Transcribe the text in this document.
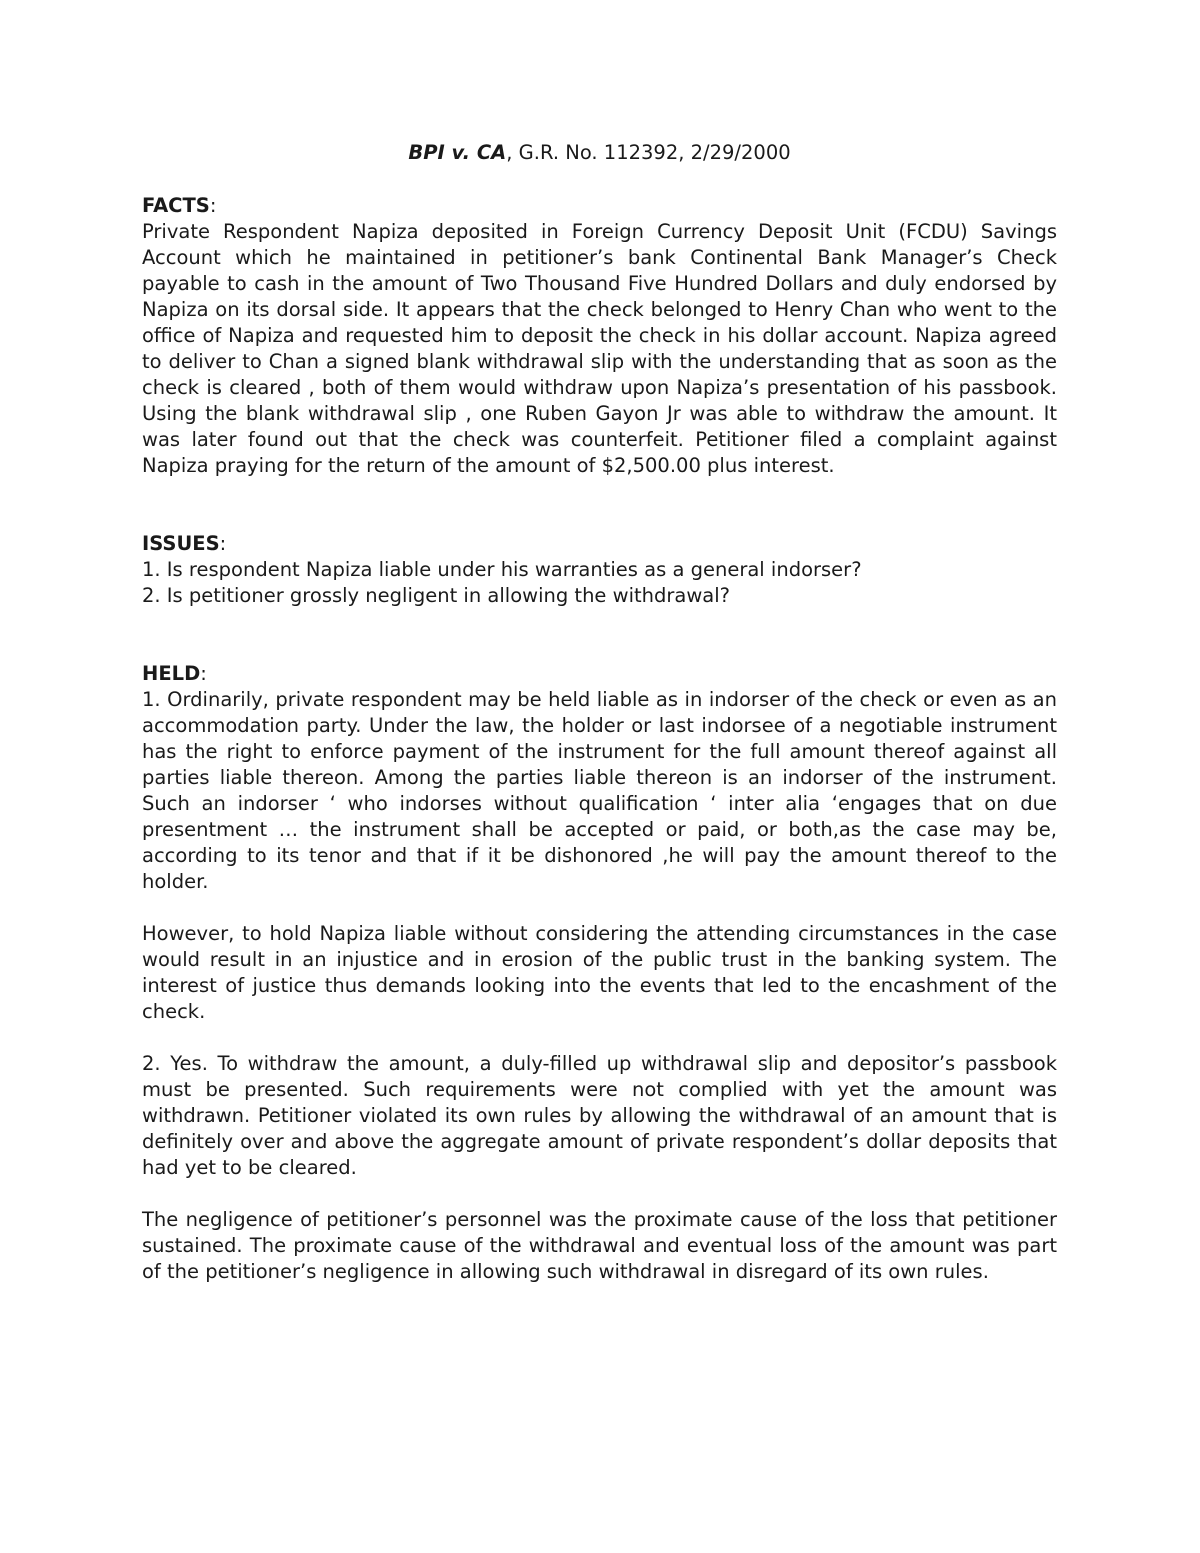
BPI v. CA, G.R. No. 112392, 2/29/2000

FACTS:

Private Respondent Napiza deposited in Foreign Currency Deposit Unit (FCDU) Savings Account which he maintained in petitioner’s bank Continental Bank Manager’s Check payable to cash in the amount of Two Thousand Five Hundred Dollars and duly endorsed by Napiza on its dorsal side. It appears that the check belonged to Henry Chan who went to the office of Napiza and requested him to deposit the check in his dollar account. Napiza agreed to deliver to Chan a signed blank withdrawal slip with the understanding that as soon as the check is cleared , both of them would withdraw upon Napiza’s presentation of his passbook. Using the blank withdrawal slip , one Ruben Gayon Jr was able to withdraw the amount. It was later found out that the check was counterfeit. Petitioner filed a complaint against Napiza praying for the return of the amount of $2,500.00 plus interest.

ISSUES:

1. Is respondent Napiza liable under his warranties as a general indorser?

2. Is petitioner grossly negligent in allowing the withdrawal?

HELD:

1. Ordinarily, private respondent may be held liable as in indorser of the check or even as an accommodation party. Under the law, the holder or last indorsee of a negotiable instrument has the right to enforce payment of the instrument for the full amount thereof against all parties liable thereon. Among the parties liable thereon is an indorser of the instrument. Such an indorser ‘ who indorses without qualification ‘ inter alia ‘engages that on due presentment … the instrument shall be accepted or paid, or both,as the case may be, according to its tenor and that if it be dishonored ,he will pay the amount thereof to the holder.

However, to hold Napiza liable without considering the attending circumstances in the case would result in an injustice and in erosion of the public trust in the banking system. The interest of justice thus demands looking into the events that led to the encashment of the check.

2. Yes. To withdraw the amount, a duly-filled up withdrawal slip and depositor’s passbook must be presented. Such requirements were not complied with yet the amount was withdrawn. Petitioner violated its own rules by allowing the withdrawal of an amount that is definitely over and above the aggregate amount of private respondent’s dollar deposits that had yet to be cleared.

The negligence of petitioner’s personnel was the proximate cause of the loss that petitioner sustained. The proximate cause of the withdrawal and eventual loss of the amount was part of the petitioner’s negligence in allowing such withdrawal in disregard of its own rules.
